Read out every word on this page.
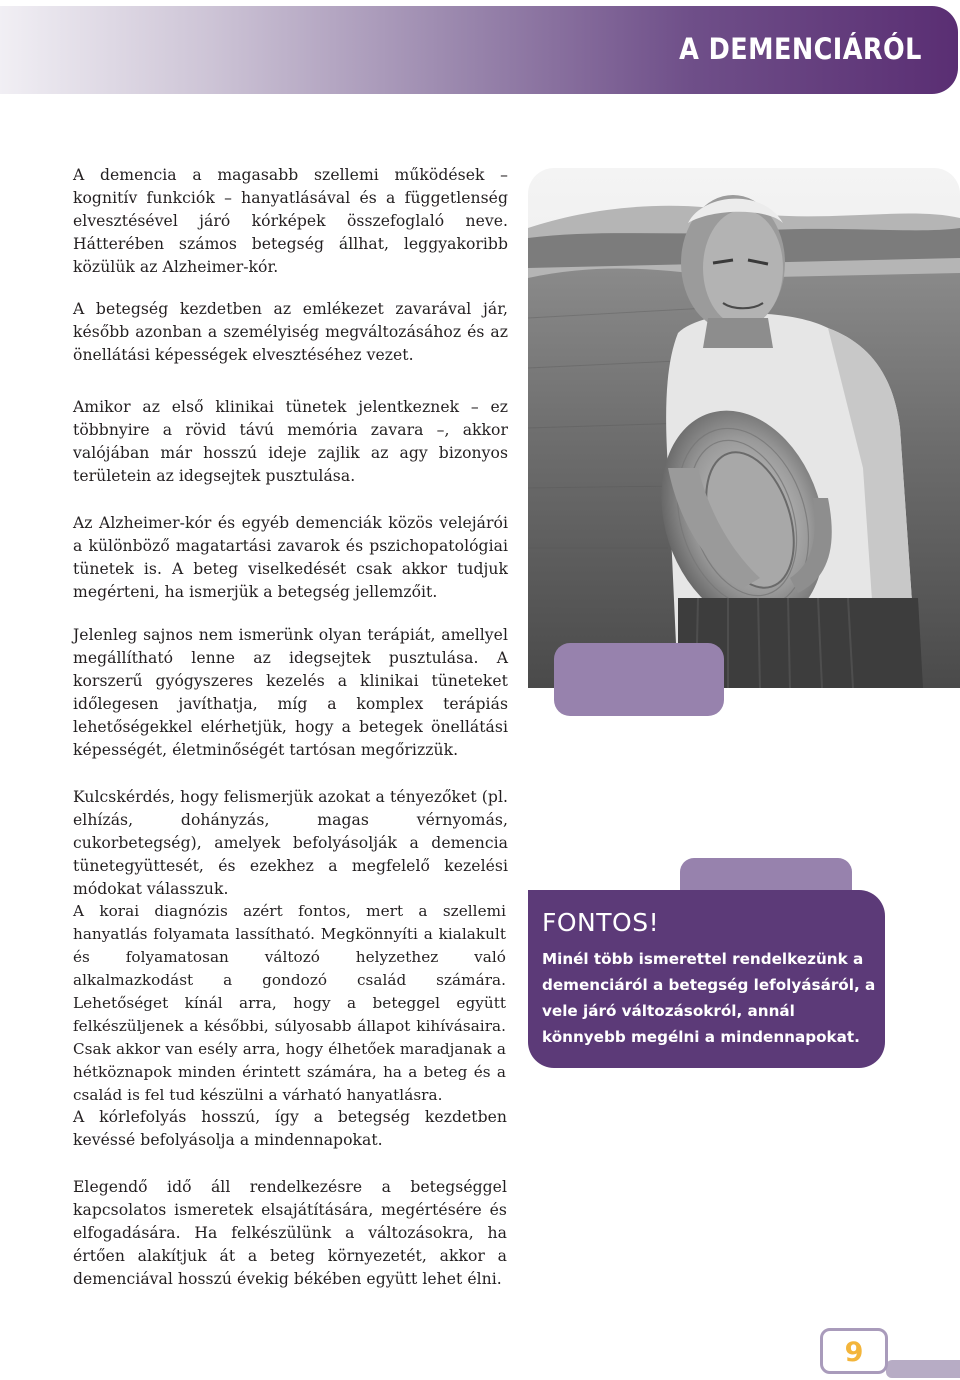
A DEMENCIÁRÓL

A demencia a magasabb szellemi működések – kognitív funkciók – hanyatlásával és a függetlenség elvesztésével járó kórképek összefoglaló neve. Hátterében számos betegség állhat, leggyakoribb közülük az Alzheimer-kór.

A betegség kezdetben az emlékezet zavarával jár, később azonban a személyiség megváltozásához és az önellátási képességek elvesztéséhez vezet.

Amikor az első klinikai tünetek jelentkeznek – ez többnyire a rövid távú memória zavara –, akkor valójában már hosszú ideje zajlik az agy bizonyos területein az idegsejtek pusztulása.

Az Alzheimer-kór és egyéb demenciák közös velejárói a különböző magatartási zavarok és pszichopatológiai tünetek is. A beteg viselkedését csak akkor tudjuk megérteni, ha ismerjük a betegség jellemzőit.

Jelenleg sajnos nem ismerünk olyan terápiát, amellyel megállítható lenne az idegsejtek pusztulása. A korszerű gyógyszeres kezelés a klinikai tüneteket időlegesen javíthatja, míg a komplex terápiás lehetőségekkel elérhetjük, hogy a betegek önellátási képességét, életminőségét tartósan megőrizzük.

Kulcskérdés, hogy felismerjük azokat a tényezőket (pl. elhízás, dohányzás, magas vérnyomás, cukorbetegség), amelyek befolyásolják a demencia tünetegyüttesét, és ezekhez a megfelelő kezelési módokat válasszuk.

A korai diagnózis azért fontos, mert a szellemi hanyatlás folyamata lassítható. Megkönnyíti a kialakult és folyamatosan változó helyzethez való alkalmazkodást a gondozó család számára. Lehetőséget kínál arra, hogy a beteggel együtt felkészüljenek a későbbi, súlyosabb állapot kihívásaira. Csak akkor van esély arra, hogy élhetőek maradjanak a hétköznapok minden érintett számára, ha a beteg és a család is fel tud készülni a várható hanyatlásra.

A kórlefolyás hosszú, így a betegség kezdetben kevéssé befolyásolja a mindennapokat.

Elegendő idő áll rendelkezésre a betegséggel kapcsolatos ismeretek elsajátítására, megértésére és elfogadására. Ha felkészülünk a változásokra, ha értően alakítjuk át a beteg környezetét, akkor a demenciával hosszú évekig békében együtt lehet élni.

FONTOS!
Minél több ismerettel rendelkezünk a demenciáról a betegség lefolyásáról, a vele járó változásokról, annál könnyebb megélni a mindennapokat.
9
